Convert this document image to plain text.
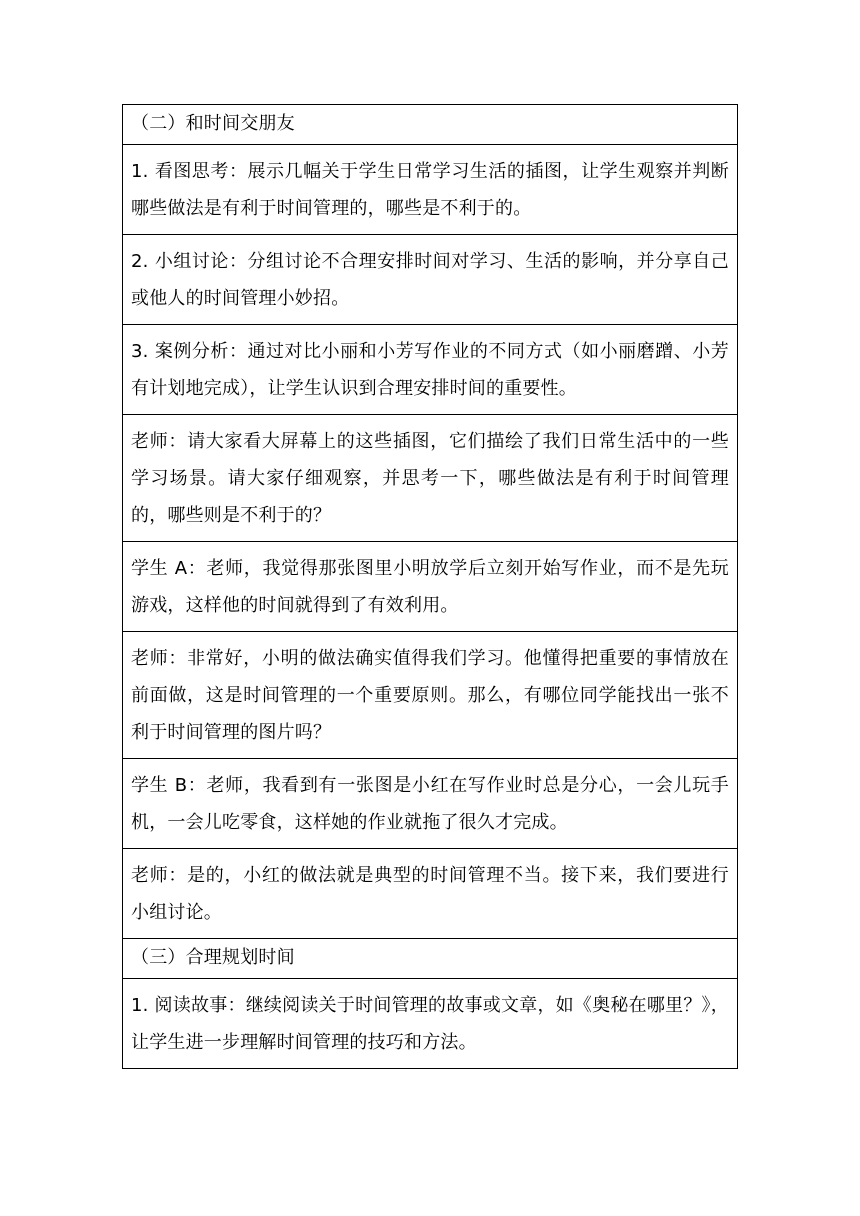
（二）和时间交朋友
1. 看图思考：展示几幅关于学生日常学习生活的插图，让学生观察并判断哪些做法是有利于时间管理的，哪些是不利于的。
2. 小组讨论：分组讨论不合理安排时间对学习、生活的影响，并分享自己或他人的时间管理小妙招。
3. 案例分析：通过对比小丽和小芳写作业的不同方式（如小丽磨蹭、小芳有计划地完成），让学生认识到合理安排时间的重要性。
老师：请大家看大屏幕上的这些插图，它们描绘了我们日常生活中的一些学习场景。请大家仔细观察，并思考一下，哪些做法是有利于时间管理的，哪些则是不利于的？
学生 A：老师，我觉得那张图里小明放学后立刻开始写作业，而不是先玩游戏，这样他的时间就得到了有效利用。
老师：非常好，小明的做法确实值得我们学习。他懂得把重要的事情放在前面做，这是时间管理的一个重要原则。那么，有哪位同学能找出一张不利于时间管理的图片吗？
学生 B：老师，我看到有一张图是小红在写作业时总是分心，一会儿玩手机，一会儿吃零食，这样她的作业就拖了很久才完成。
老师：是的，小红的做法就是典型的时间管理不当。接下来，我们要进行小组讨论。
（三）合理规划时间
1. 阅读故事：继续阅读关于时间管理的故事或文章，如《奥秘在哪里？》，让学生进一步理解时间管理的技巧和方法。
